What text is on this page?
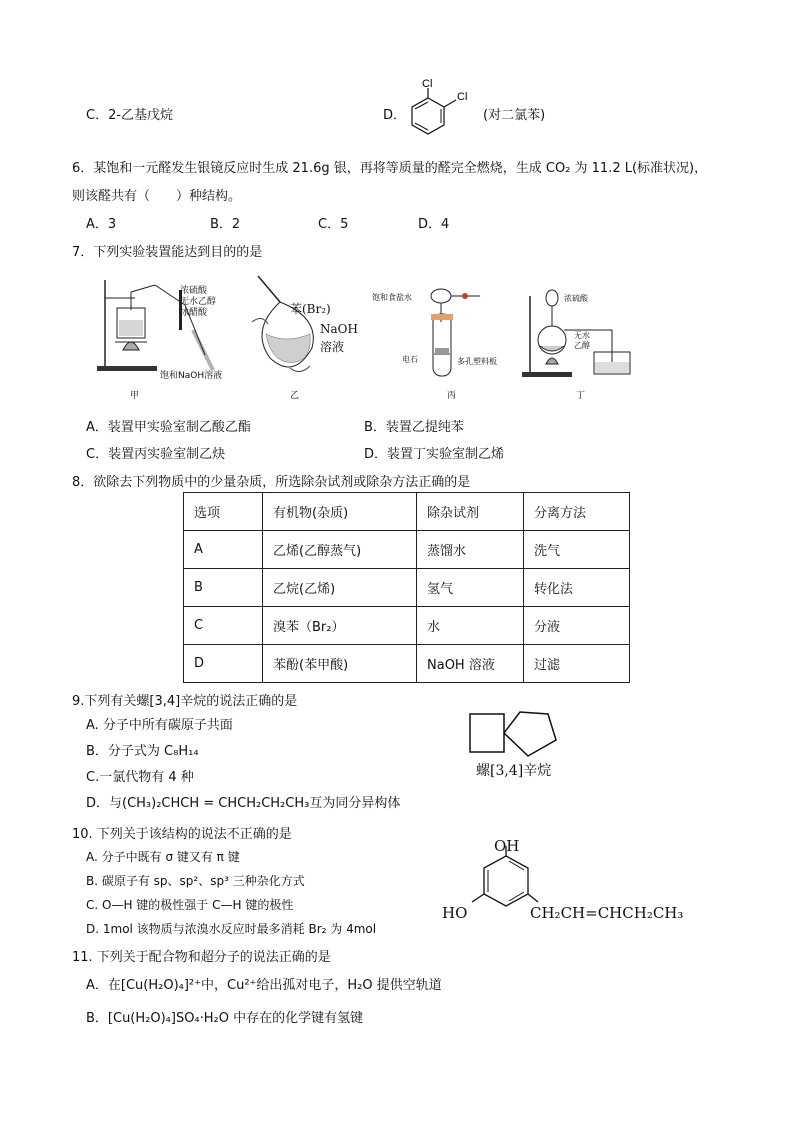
C．2-乙基戊烷	D．
Cl
Cl
(对二氯苯)
6．某饱和一元醛发生银镜反应时生成 21.6g 银，再将等质量的醛完全燃烧，生成 CO₂ 为 11.2 L(标准状况)，
则该醛共有（　　）种结构。
A．3	B．2	C．5	D．4
7．下列实验装置能达到目的的是
浓硫酸
无水乙醇
冰醋酸
饱和NaOH溶液
甲
苯(Br₂)
NaOH
溶液
乙
饱和食盐水
电石	多孔塑料板
丙
浓硫酸
无水
乙醇
丁
A．装置甲实验室制乙酸乙酯	B．装置乙提纯苯
C．装置丙实验室制乙炔	D．装置丁实验室制乙烯
8．欲除去下列物质中的少量杂质，所选除杂试剂或除杂方法正确的是
选项	有机物(杂质)	除杂试剂	分离方法
A	乙烯(乙醇蒸气)	蒸馏水	洗气
B	乙烷(乙烯)	氢气	转化法
C	溴苯（Br₂）	水	分液
D	苯酚(苯甲酸)	NaOH 溶液	过滤
9.下列有关螺[3,4]辛烷的说法正确的是
A. 分子中所有碳原子共面
B．分子式为 C₈H₁₄
C.一氯代物有 4 种
D．与(CH₃)₂CHCH = CHCH₂CH₂CH₃互为同分异构体
螺[3,4]辛烷
10. 下列关于该结构的说法不正确的是
A. 分子中既有 σ 键又有 π 键
B. 碳原子有 sp、sp²、sp³ 三种杂化方式
C. O—H 键的极性强于 C—H 键的极性
D. 1mol 该物质与浓溴水反应时最多消耗 Br₂ 为 4mol
OH
HO	CH₂CH=CHCH₂CH₃
11. 下列关于配合物和超分子的说法正确的是
A．在[Cu(H₂O)₄]²⁺中，Cu²⁺给出孤对电子，H₂O 提供空轨道
B．[Cu(H₂O)₄]SO₄·H₂O 中存在的化学键有氢键
